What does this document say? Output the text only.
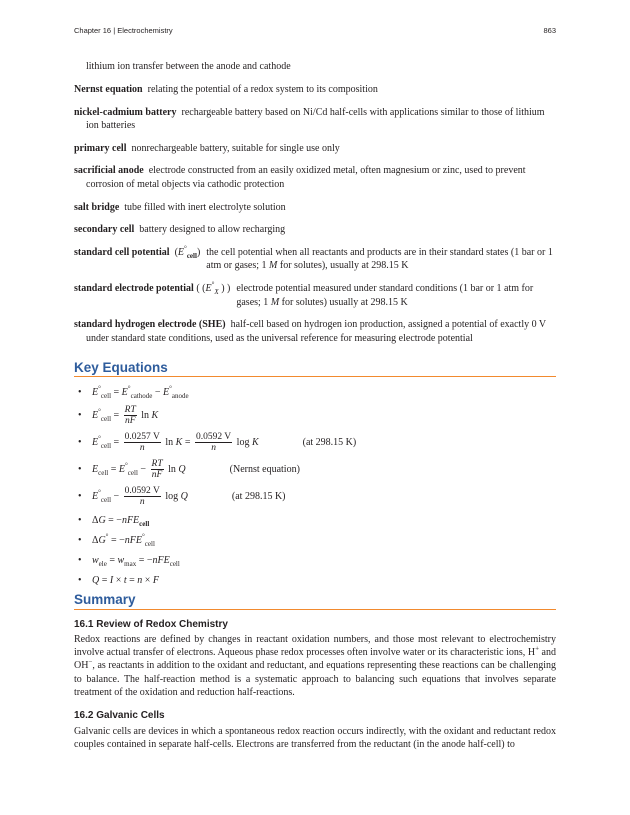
Chapter 16 | Electrochemistry	863

lithium ion transfer between the anode and cathode

Nernst equation relating the potential of a redox system to its composition

nickel-cadmium battery rechargeable battery based on Ni/Cd half-cells with applications similar to those of lithium ion batteries

primary cell nonrechargeable battery, suitable for single use only

sacrificial anode electrode constructed from an easily oxidized metal, often magnesium or zinc, used to prevent corrosion of metal objects via cathodic protection

salt bridge tube filled with inert electrolyte solution

secondary cell battery designed to allow recharging

standard cell potential $(E^\circ_{cell})$ the cell potential when all reactants and products are in their standard states (1 bar or 1 atm or gases; 1 M for solutes), usually at 298.15 K
standard electrode potential ( ($E^\circ_X$ ) ) electrode potential measured under standard conditions (1 bar or 1 atm for gases; 1 M for solutes) usually at 298.15 K

standard hydrogen electrode (SHE) half-cell based on hydrogen ion production, assigned a potential of exactly 0 V under standard state conditions, used as the universal reference for measuring electrode potential

Key Equations
• $E^\circ_{cell} = E^\circ_{cathode} - E^\circ_{anode}$
• $E^\circ_{cell} = \frac{RT}{nF}$ ln K
• $E^\circ_{cell} = \frac{0.0257 V}{n}$ $\ln K = \frac{0.0592 V}{n}$ log K	(at 298.15 K)
• $E_{cell} = E^\circ_{cell} - \frac{RT}{nF}$ ln Q	(Nernst equation)
• $E^\circ_{cell} - \frac{0.0592 V}{n}$ log Q	(at 298.15 K)
• ΔG = −nFE$_{cell}$
• ΔG° = −nFE°$_{cell}$
• $w_{ele} = w_{max} = -nFE_{cell}$
• Q = I × t = n × F
Summary
16.1 Review of Redox Chemistry

Redox reactions are defined by changes in reactant oxidation numbers, and those most relevant to electrochemistry involve actual transfer of electrons. Aqueous phase redox processes often involve water or its characteristic ions, H+ and OH−, as reactants in addition to the oxidant and reductant, and equations representing these reactions can be challenging to balance. The half-reaction method is a systematic approach to balancing such equations that involves separate treatment of the oxidation and reduction half-reactions.

16.2 Galvanic Cells

Galvanic cells are devices in which a spontaneous redox reaction occurs indirectly, with the oxidant and reductant redox couples contained in separate half-cells. Electrons are transferred from the reductant (in the anode half-cell) to
